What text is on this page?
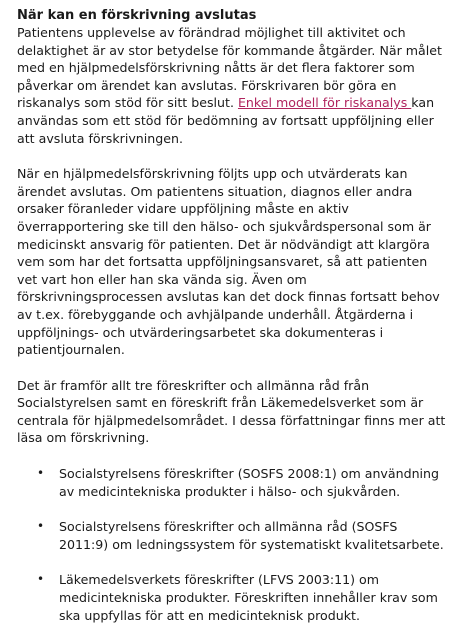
När kan en förskrivning avslutas

Patientens upplevelse av förändrad möjlighet till aktivitet och delaktighet är av stor betydelse för kommande åtgärder. När målet med en hjälpmedelsförskrivning nåtts är det flera faktorer som påverkar om ärendet kan avslutas. Förskrivaren bör göra en riskanalys som stöd för sitt beslut. Enkel modell för riskanalys kan användas som ett stöd för bedömning av fortsatt uppföljning eller att avsluta förskrivningen.

När en hjälpmedelsförskrivning följts upp och utvärderats kan ärendet avslutas. Om patientens situation, diagnos eller andra orsaker föranleder vidare uppföljning måste en aktiv överrapportering ske till den hälso- och sjukvårdspersonal som är medicinskt ansvarig för patienten. Det är nödvändigt att klargöra vem som har det fortsatta uppföljningsansvaret, så att patienten vet vart hon eller han ska vända sig. Även om förskrivningsprocessen avslutas kan det dock finnas fortsatt behov av t.ex. förebyggande och avhjälpande underhåll. Åtgärderna i uppföljnings- och utvärderingsarbetet ska dokumenteras i patientjournalen.

Det är framför allt tre föreskrifter och allmänna råd från Socialstyrelsen samt en föreskrift från Läkemedelsverket som är centrala för hjälpmedelsområdet. I dessa författningar finns mer att läsa om förskrivning.

• Socialstyrelsens föreskrifter (SOSFS 2008:1) om användning av medicintekniska produkter i hälso- och sjukvården.
• Socialstyrelsens föreskrifter och allmänna råd (SOSFS 2011:9) om ledningssystem för systematiskt kvalitetsarbete.
• Läkemedelsverkets föreskrifter (LFVS 2003:11) om medicintekniska produkter. Föreskriften innehåller krav som ska uppfyllas för att en medicinteknisk produkt.
